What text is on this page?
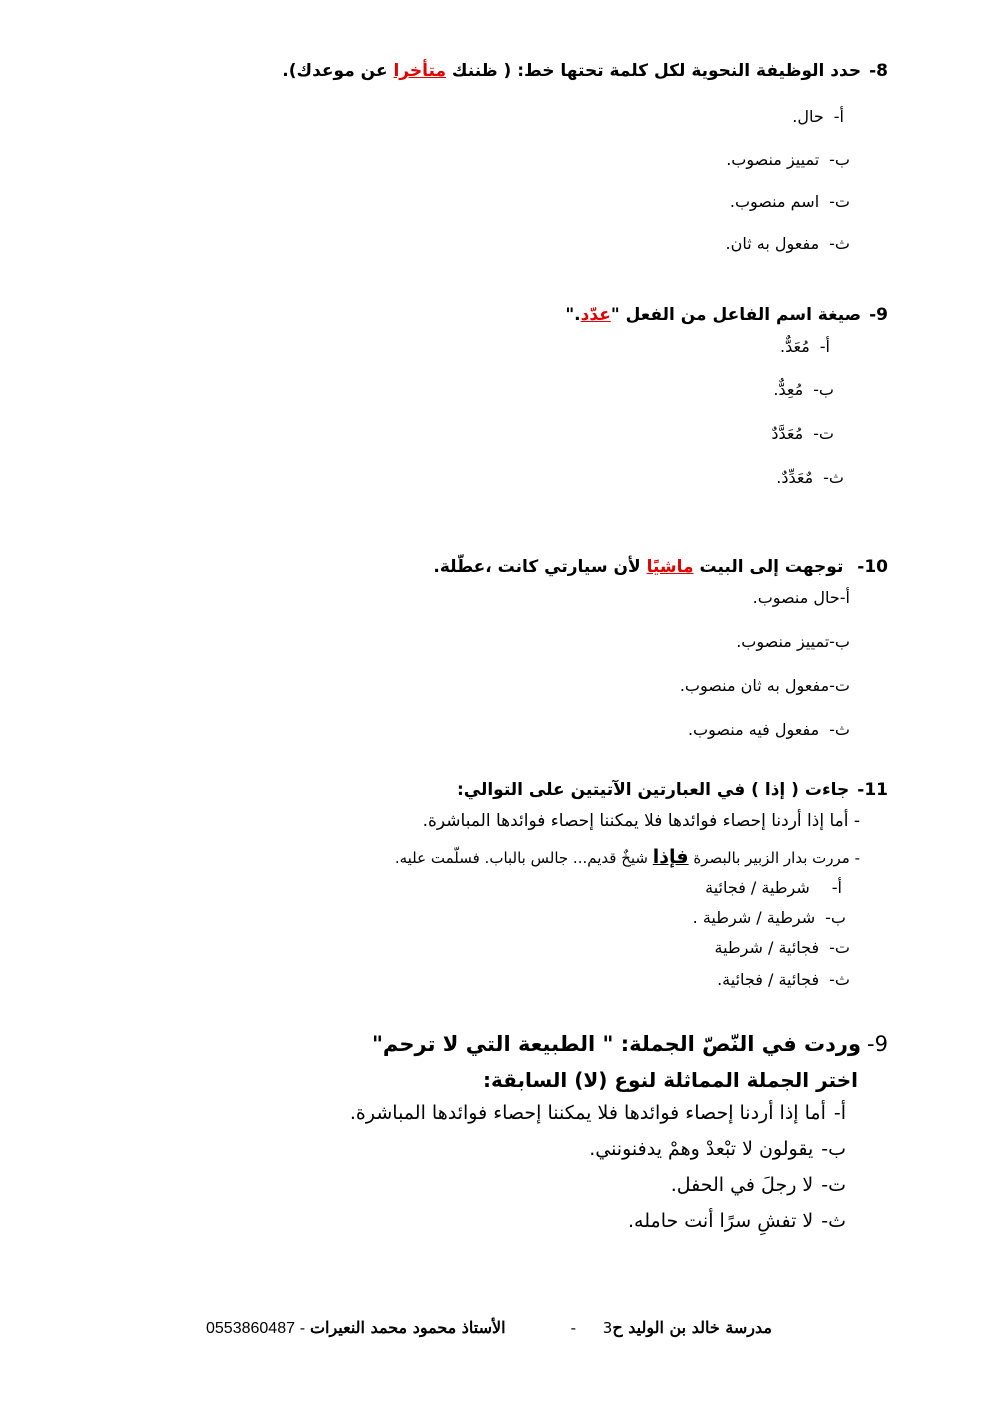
8-حدد الوظيفة النحوية لكل كلمة تحتها خط: ( ظننك متأخرا عن موعدك).
أ-حال.
ب-تمييز منصوب.
ت-اسم منصوب.
ث-مفعول به ثان.
9-صيغة اسم الفاعل من الفعل "عدّد."
أ-مُعَدٌّ.
ب-مُعِدٌّ.
ت-مُعَدَّدٌ
ث-مٌعَدِّدٌ.
10- توجهت إلى البيت ماشيًا لأن سيارتي كانت ،عطّلة.
أ-حال منصوب.
ب-تمييز منصوب.
ت-مفعول به ثان منصوب.
ث-مفعول فيه منصوب.
11-جاءت ( إذا ) في العبارتين الآتيتين على التوالي:
- أما إذا أردنا إحصاء فوائدها فلا يمكننا إحصاء فوائدها المباشرة.
- مررت بدار الزبير بالبصرة فإذا شيخٌ قديم... جالس بالباب. فسلّمت عليه.
أ-شرطية / فجائية
ب-شرطية / شرطية .
ت-فجائية / شرطية
ث-فجائية / فجائية.
9-وردت في النّصّ الجملة: " الطبيعة التي لا ترحم"
اختر الجملة المماثلة لنوع (لا) السابقة:
أ-أما إذا أردنا إحصاء فوائدها فلا يمكننا إحصاء فوائدها المباشرة.
ب-يقولون لا تبْعدْ وهمْ يدفنونني.
ت-لا رجلَ في الحفل.
ث-لا تفشِ سرًا أنت حامله.
مدرسة خالد بن الوليد ح3 -
الأستاذ محمود محمد النعيرات - 0553860487
